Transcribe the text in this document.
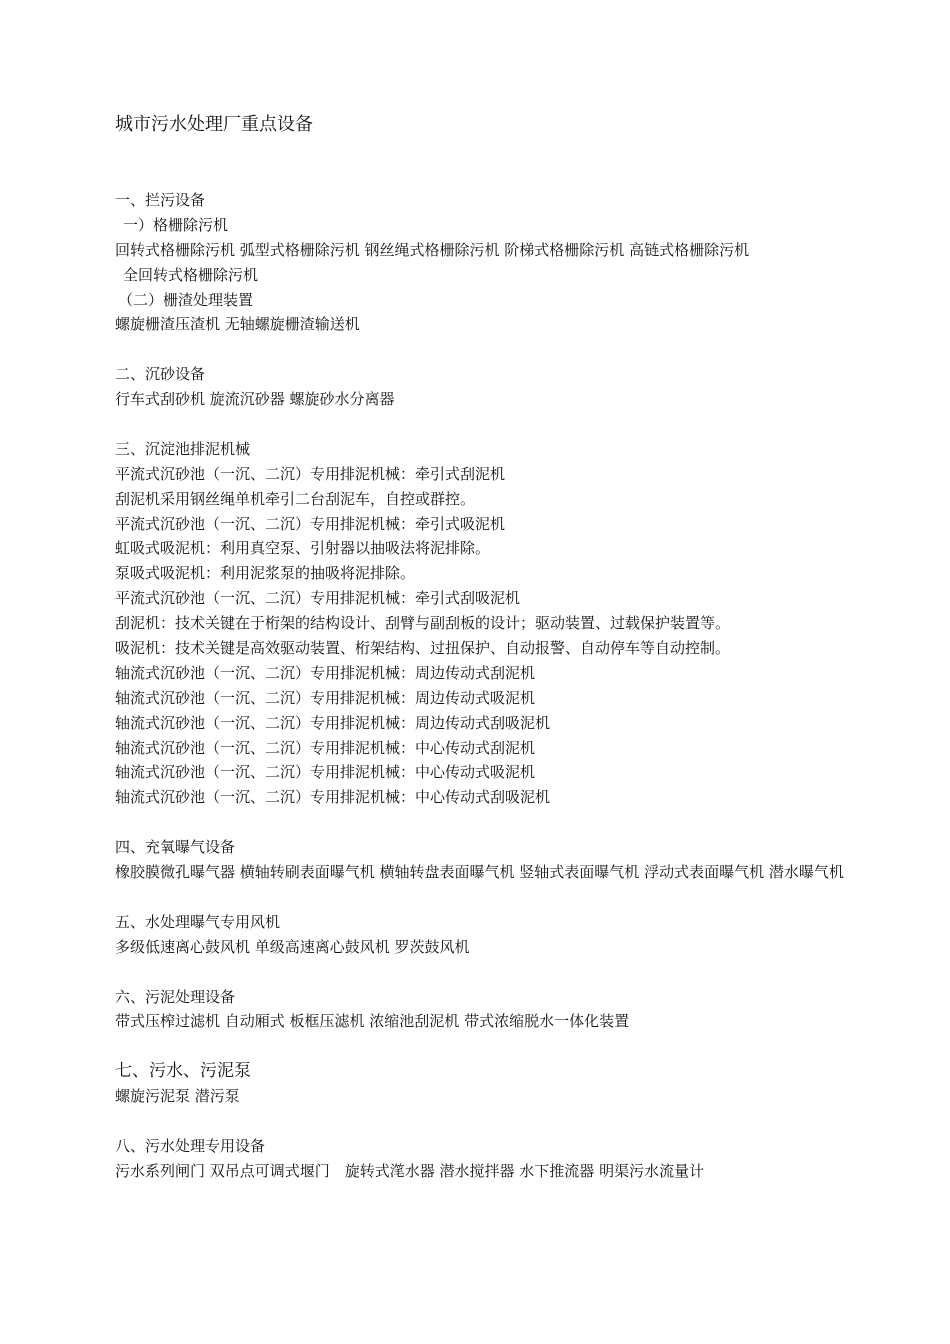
城市污水处理厂重点设备
一、拦污设备
一）格栅除污机
回转式格栅除污机 弧型式格栅除污机 钢丝绳式格栅除污机 阶梯式格栅除污机 高链式格栅除污机
全回转式格栅除污机
（二）栅渣处理装置
螺旋栅渣压渣机 无轴螺旋栅渣输送机
二、沉砂设备
行车式刮砂机 旋流沉砂器 螺旋砂水分离器
三、沉淀池排泥机械
平流式沉砂池（一沉、二沉）专用排泥机械：牵引式刮泥机
刮泥机采用钢丝绳单机牵引二台刮泥车，自控或群控。
平流式沉砂池（一沉、二沉）专用排泥机械：牵引式吸泥机
虹吸式吸泥机：利用真空泵、引射器以抽吸法将泥排除。
泵吸式吸泥机：利用泥浆泵的抽吸将泥排除。
平流式沉砂池（一沉、二沉）专用排泥机械：牵引式刮吸泥机
刮泥机：技术关键在于桁架的结构设计、刮臂与副刮板的设计；驱动装置、过载保护装置等。
吸泥机：技术关键是高效驱动装置、桁架结构、过扭保护、自动报警、自动停车等自动控制。
轴流式沉砂池（一沉、二沉）专用排泥机械：周边传动式刮泥机
轴流式沉砂池（一沉、二沉）专用排泥机械：周边传动式吸泥机
轴流式沉砂池（一沉、二沉）专用排泥机械：周边传动式刮吸泥机
轴流式沉砂池（一沉、二沉）专用排泥机械：中心传动式刮泥机
轴流式沉砂池（一沉、二沉）专用排泥机械：中心传动式吸泥机
轴流式沉砂池（一沉、二沉）专用排泥机械：中心传动式刮吸泥机
四、充氧曝气设备
橡胶膜微孔曝气器 横轴转刷表面曝气机 横轴转盘表面曝气机 竖轴式表面曝气机 浮动式表面曝气机 潜水曝气机
五、水处理曝气专用风机
多级低速离心鼓风机 单级高速离心鼓风机 罗茨鼓风机
六、污泥处理设备
带式压榨过滤机 自动厢式 板框压滤机 浓缩池刮泥机 带式浓缩脱水一体化装置
七、污水、污泥泵
螺旋污泥泵 潜污泵
八、污水处理专用设备
污水系列闸门 双吊点可调式堰门　旋转式滗水器 潜水搅拌器 水下推流器 明渠污水流量计
